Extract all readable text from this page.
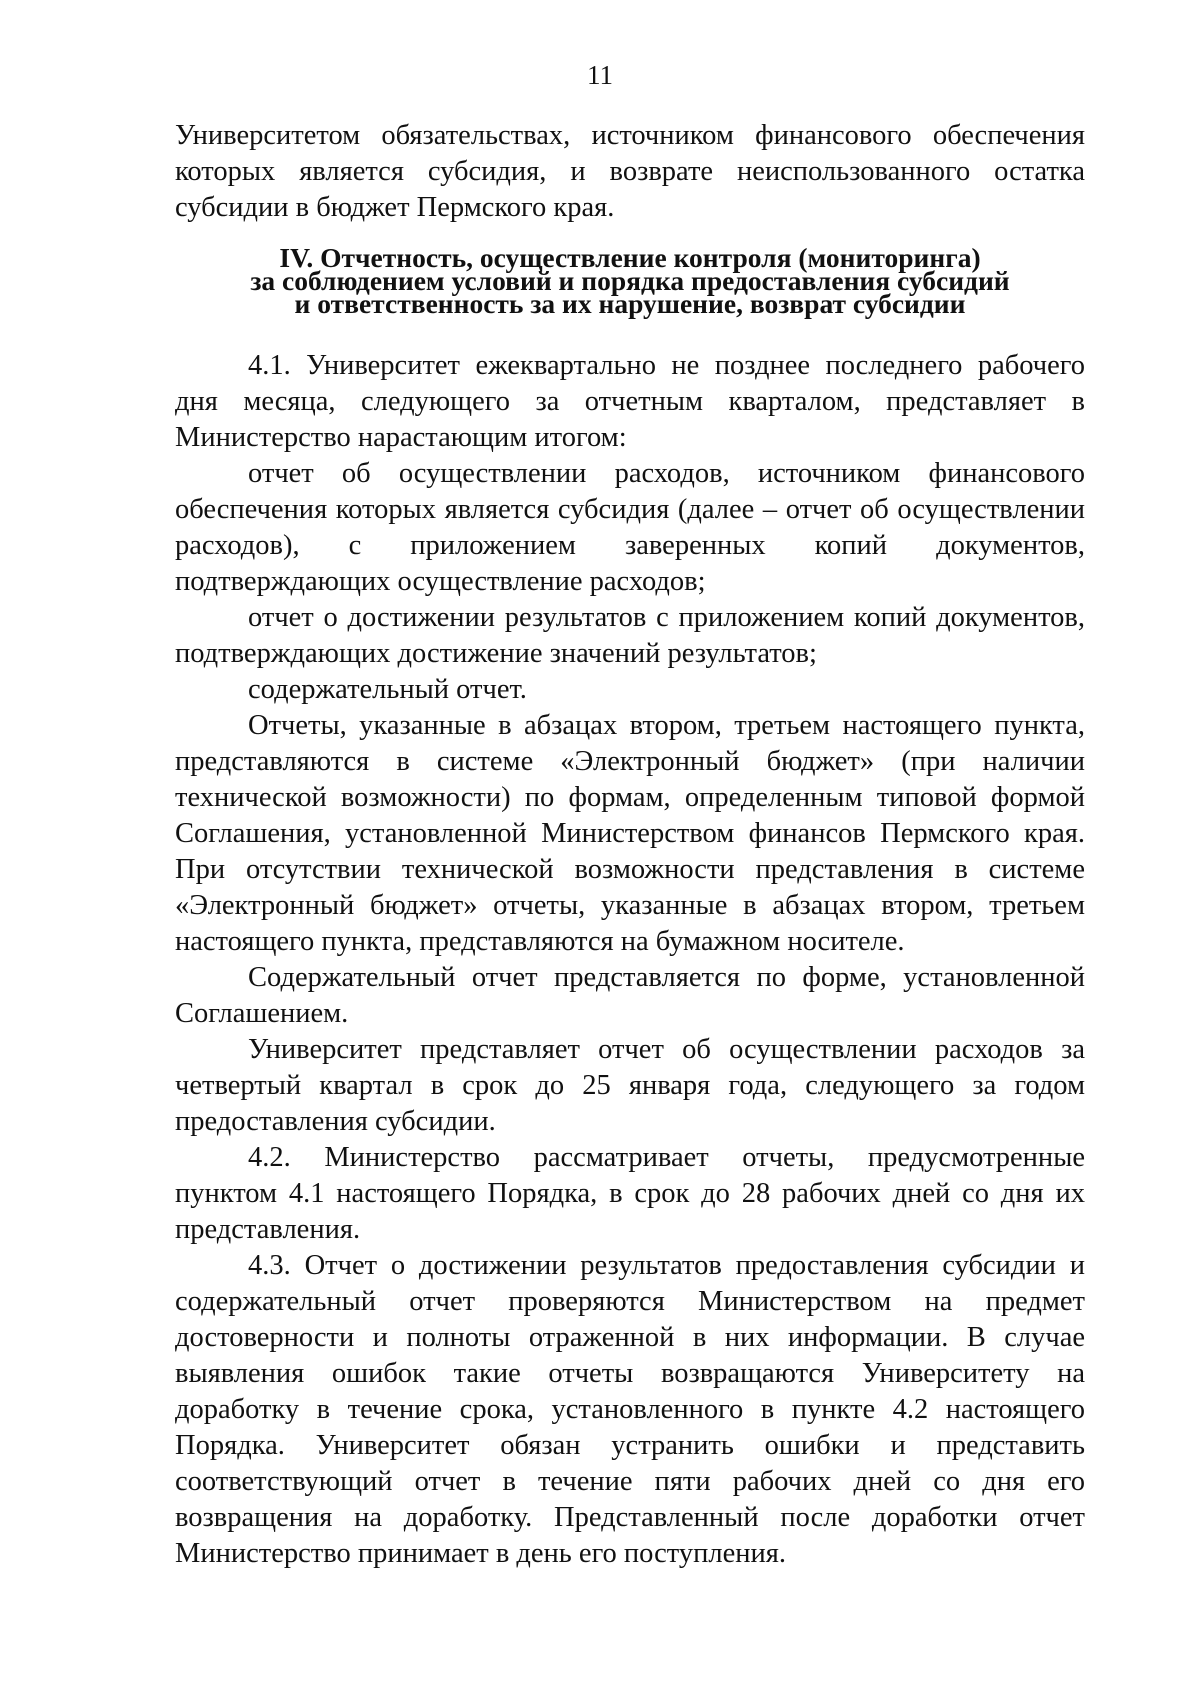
11

Университетом обязательствах, источником финансового обеспечения которых является субсидия, и возврате неиспользованного остатка субсидии в бюджет Пермского края.

IV. Отчетность, осуществление контроля (мониторинга)
за соблюдением условий и порядка предоставления субсидий
и ответственность за их нарушение, возврат субсидии

4.1. Университет ежеквартально не позднее последнего рабочего дня месяца, следующего за отчетным кварталом, представляет в Министерство нарастающим итогом:

отчет об осуществлении расходов, источником финансового обеспечения которых является субсидия (далее – отчет об осуществлении расходов), с приложением заверенных копий документов, подтверждающих осуществление расходов;

отчет о достижении результатов с приложением копий документов, подтверждающих достижение значений результатов;

содержательный отчет.

Отчеты, указанные в абзацах втором, третьем настоящего пункта, представляются в системе «Электронный бюджет» (при наличии технической возможности) по формам, определенным типовой формой Соглашения, установленной Министерством финансов Пермского края. При отсутствии технической возможности представления в системе «Электронный бюджет» отчеты, указанные в абзацах втором, третьем настоящего пункта, представляются на бумажном носителе.

Содержательный отчет представляется по форме, установленной Соглашением.

Университет представляет отчет об осуществлении расходов за четвертый квартал в срок до 25 января года, следующего за годом предоставления субсидии.

4.2. Министерство рассматривает отчеты, предусмотренные пунктом 4.1 настоящего Порядка, в срок до 28 рабочих дней со дня их представления.

4.3. Отчет о достижении результатов предоставления субсидии и содержательный отчет проверяются Министерством на предмет достоверности и полноты отраженной в них информации. В случае выявления ошибок такие отчеты возвращаются Университету на доработку в течение срока, установленного в пункте 4.2 настоящего Порядка. Университет обязан устранить ошибки и представить соответствующий отчет в течение пяти рабочих дней со дня его возвращения на доработку. Представленный после доработки отчет Министерство принимает в день его поступления.
